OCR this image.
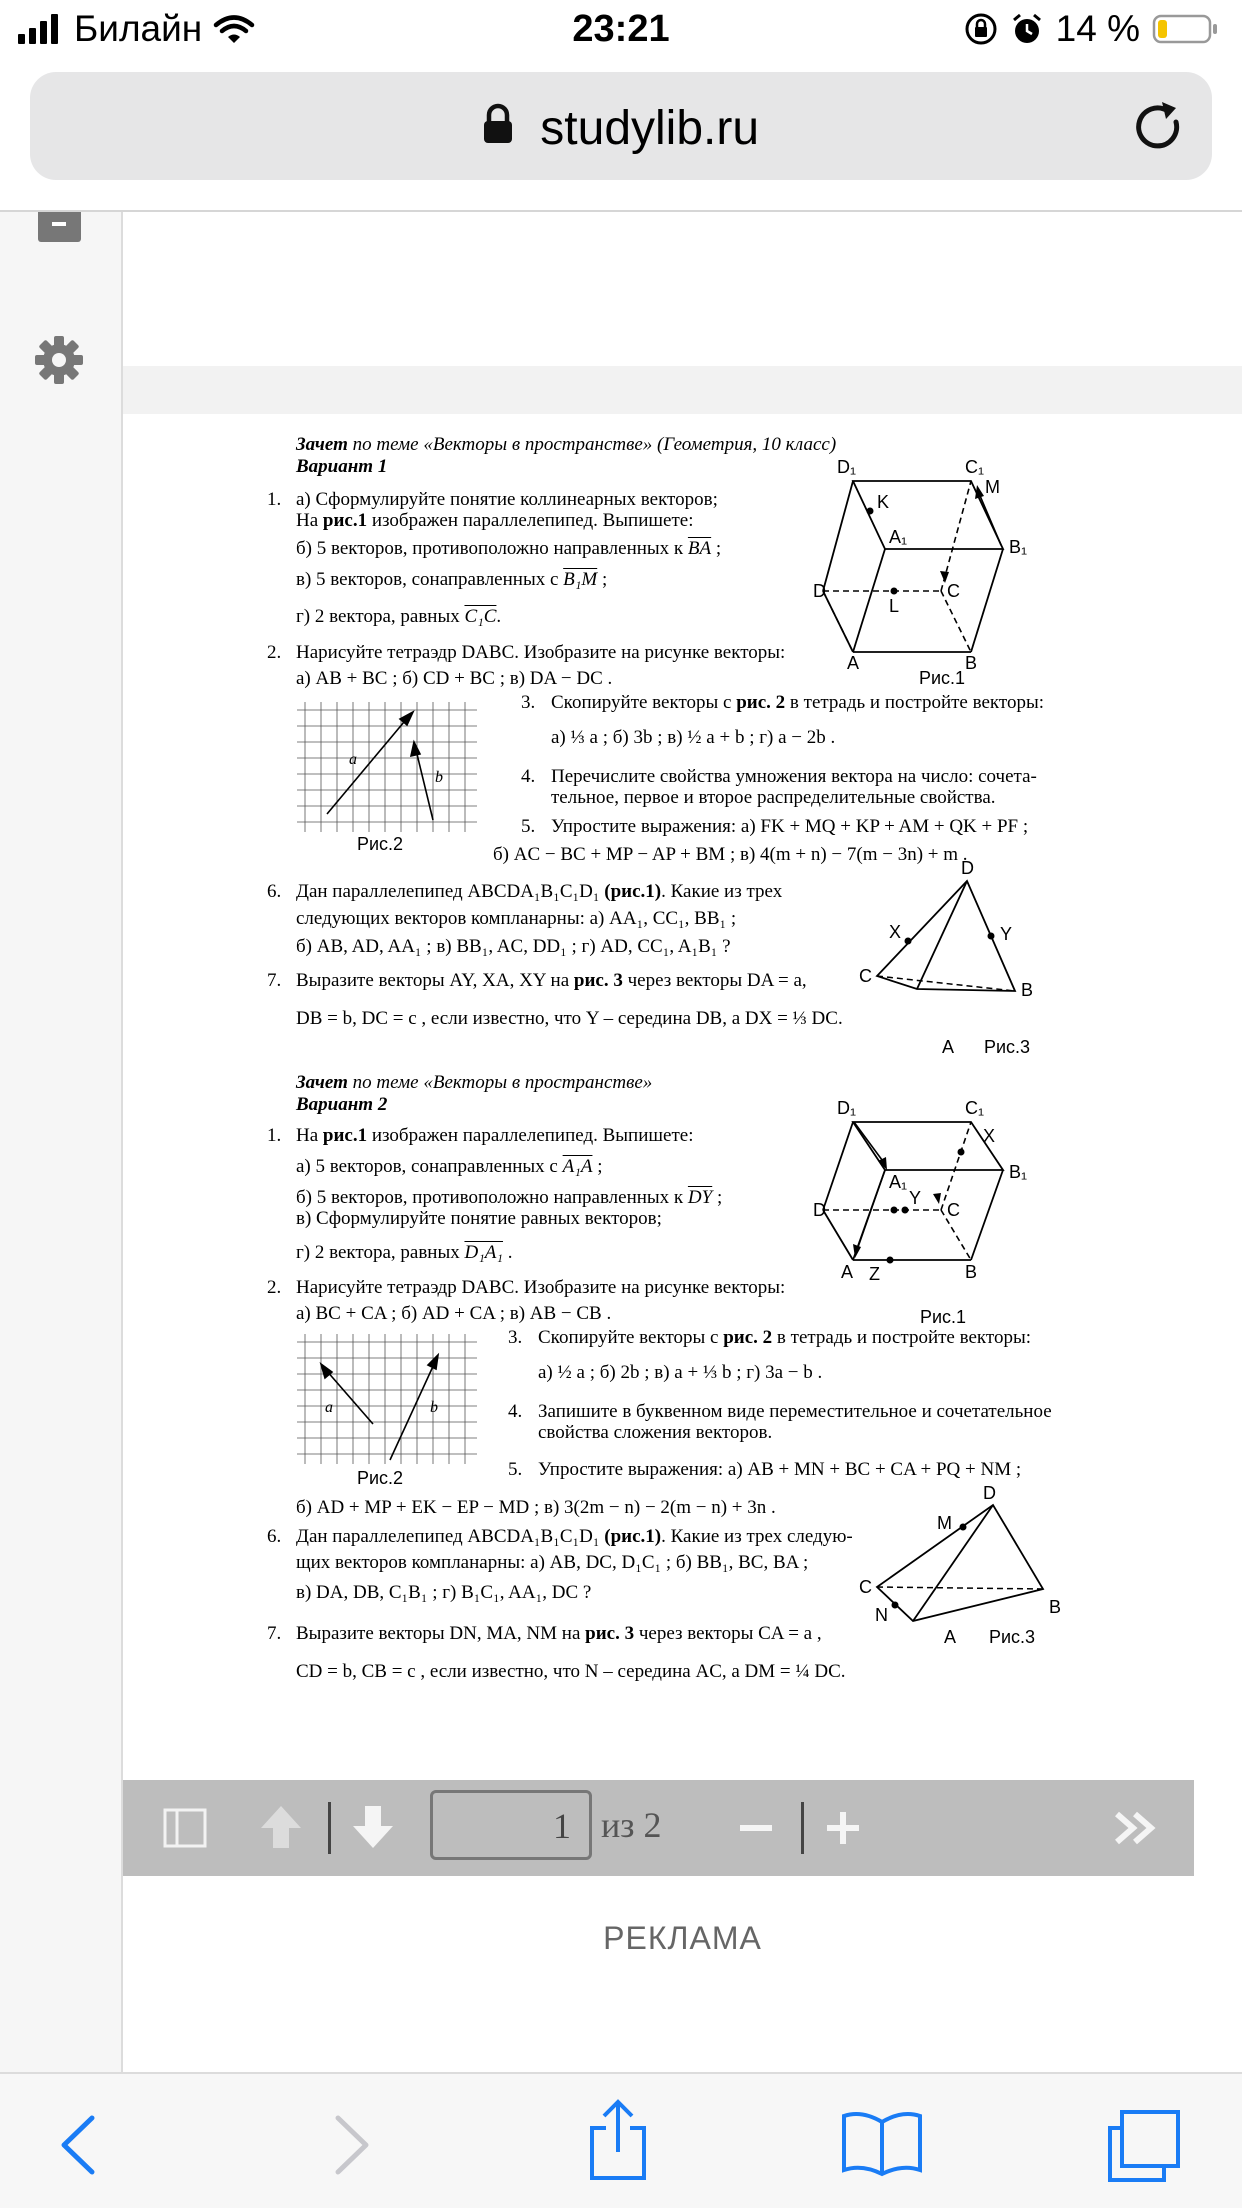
Билайн	23:21	14 %
studylib.ru
Зачет по теме «Векторы в пространстве» (Геометрия, 10 класс)
Вариант 1
1. а) Сформулируйте понятие коллинеарных векторов;
На рис.1 изображен параллелепипед. Выпишете:
б) 5 векторов, противоположно направленных к $\overline{BA}$ ;
в) 5 векторов, сонаправленных с B₁M ;
г) 2 вектора, равных C₁C.
2. Нарисуйте тетраэдр DABC. Изобразите на рисунке векторы:
а) AB + BC ; б) CD + BC ; в) DA − DC .
3. Скопируйте векторы с рис. 2 в тетрадь и постройте векторы:
а) ⅓ a ; б) 3b ; в) ½ a + b ; г) a − 2b .
4. Перечислите свойства умножения вектора на число: сочета-
тельное, первое и второе распределительные свойства.
5. Упростите выражения: а) FK + MQ + KP + AM + QK + PF ;
б) AC − BC + MP − AP + BM ; в) 4(m + n) − 7(m − 3n) + m .
6. Дан параллелепипед ABCDA₁B₁C₁D₁ (рис.1). Какие из трех
следующих векторов компланарны: а) AA₁, CC₁, BB₁ ;
б) AB, AD, AA₁ ; в) BB₁, AC, DD₁ ; г) AD, CC₁, A₁B₁ ?
7. Выразите векторы AY, XA, XY на рис. 3 через векторы DA = a,
DB = b, DC = c , если известно, что Y – середина DB, а DX = ⅓ DC.
a
b
Рис.2
D₁	C₁
M
K
B₁
A₁
C
D
L
A	B
Рис.1
D
X	Y
C
B
A Рис.3
Зачет по теме «Векторы в пространстве»
Вариант 2
1. На рис.1 изображен параллелепипед. Выпишете:
а) 5 векторов, сонаправленных с A₁A ;
б) 5 векторов, противоположно направленных к $\overline{DY}$ ;
в) Сформулируйте понятие равных векторов;
г) 2 вектора, равных D₁A₁ .
2. Нарисуйте тетраэдр DABC. Изобразите на рисунке векторы:
а) BC + CA ; б) AD + CA ; в) AB − CB .
3. Скопируйте векторы с рис. 2 в тетрадь и постройте векторы:
а) ½ a ; б) 2b ; в) a + ⅓ b ; г) 3a − b .
4. Запишите в буквенном виде переместительное и сочетательное
свойства сложения векторов.
5. Упростите выражения: а) AB + MN + BC + CA + PQ + NM ;
б) AD + MP + EK − EP − MD ; в) 3(2m − n) − 2(m − n) + 3n .
6. Дан параллелепипед ABCDA₁B₁C₁D₁ (рис.1). Какие из трех следую-
щих векторов компланарны: а) AB, DC, D₁C₁ ; б) BB₁, BC, BA ;
в) DA, DB, C₁B₁ ; г) B₁C₁, AA₁, DC ?
7. Выразите векторы DN, MA, NM на рис. 3 через векторы CA = a ,
CD = b, CB = c , если известно, что N – середина AC, а DM = ¼ DC.
a	b
Рис.2
D₁	C₁
X
B₁
A₁
Y
C
D
A Z	B
Рис.1
D
M
C
N	B
A Рис.3
1 из 2
РЕКЛАМА
